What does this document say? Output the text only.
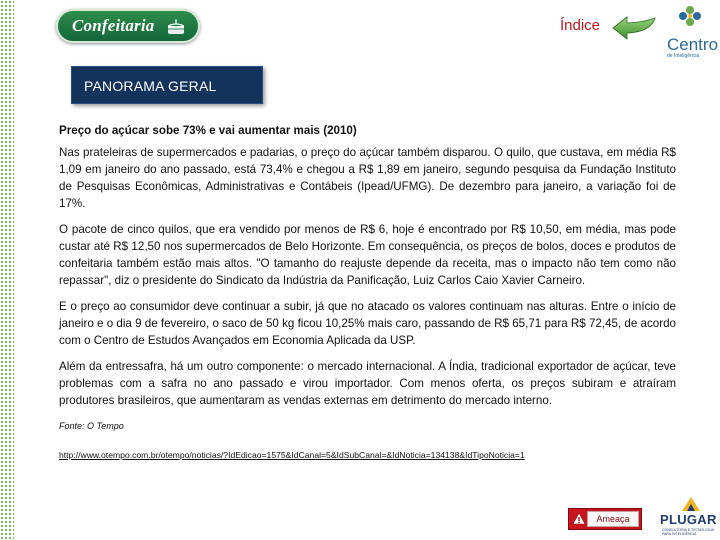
Confeitaria	Índice
Centro
de Inteligência
PANORAMA GERAL

Preço do açúcar sobe 73% e vai aumentar mais (2010)

Nas prateleiras de supermercados e padarias, o preço do açúcar também disparou. O quilo, que custava, em média R$ 1,09 em janeiro do ano passado, está 73,4% e chegou a R$ 1,89 em janeiro, segundo pesquisa da Fundação Instituto de Pesquisas Econômicas, Administrativas e Contábeis (Ipead/UFMG). De dezembro para janeiro, a variação foi de 17%.

O pacote de cinco quilos, que era vendido por menos de R$ 6, hoje é encontrado por R$ 10,50, em média, mas pode custar até R$ 12,50 nos supermercados de Belo Horizonte. Em consequência, os preços de bolos, doces e produtos de confeitaria também estão mais altos. "O tamanho do reajuste depende da receita, mas o impacto não tem como não repassar", diz o presidente do Sindicato da Indústria da Panificação, Luiz Carlos Caio Xavier Carneiro.

E o preço ao consumidor deve continuar a subir, já que no atacado os valores continuam nas alturas. Entre o início de janeiro e o dia 9 de fevereiro, o saco de 50 kg ficou 10,25% mais caro, passando de R$ 65,71 para R$ 72,45, de acordo com o Centro de Estudos Avançados em Economia Aplicada da USP.

Além da entressafra, há um outro componente: o mercado internacional. A Índia, tradicional exportador de açúcar, teve problemas com a safra no ano passado e virou importador. Com menos oferta, os preços subiram e atraíram produtores brasileiros, que aumentaram as vendas externas em detrimento do mercado interno.

Fonte: O Tempo

http://www.otempo.com.br/otempo/noticias/?IdEdicao=1575&IdCanal=5&IdSubCanal=&IdNoticia=134138&IdTipoNoticia=1

Ameaça PLUGAR
CONSULTORIA E TECNOLOGIA PARA INTELIGÊNCIA
